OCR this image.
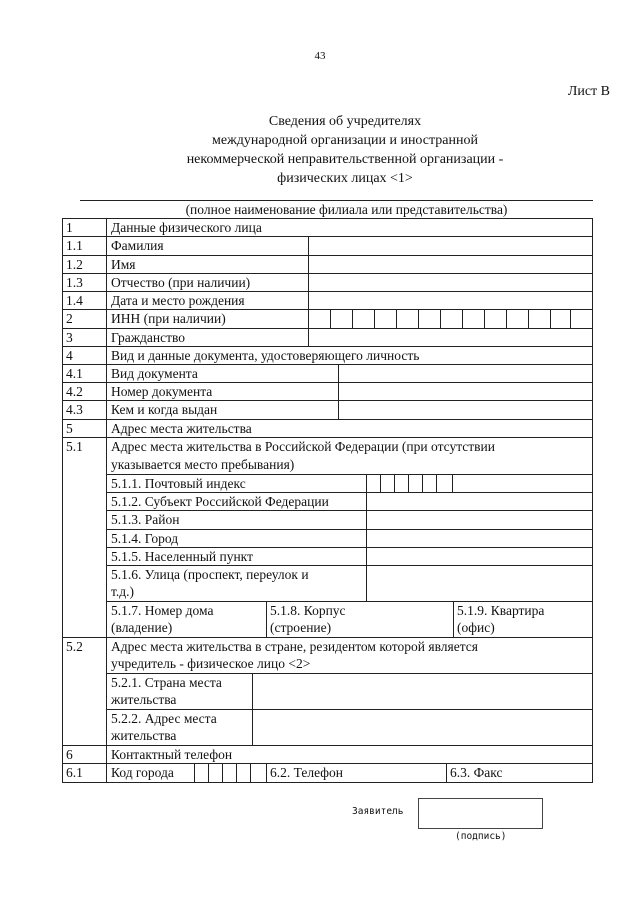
43
Лист В
Сведения об учредителях
международной организации и иностранной
некоммерческой неправительственной организации -
физических лицах <1>
(полное наименование филиала или представительства)
1
1.1
1.2
1.3
1.4
2
3
4
4.1
4.2
4.3
5
5.1
5.2
6
6.1
Данные физического лица
Фамилия
Имя
Отчество (при наличии)
Дата и место рождения
ИНН (при наличии)
Гражданство
Вид и данные документа, удостоверяющего личность
Вид документа
Номер документа
Кем и когда выдан
Адрес места жительства
Адрес места жительства в Российской Федерации (при отсутствии
указывается место пребывания)
5.1.1. Почтовый индекс
5.1.2. Субъект Российской Федерации
5.1.3. Район
5.1.4. Город
5.1.5. Населенный пункт
5.1.6. Улица (проспект, переулок и
т.д.)
5.1.7. Номер дома
(владение)
5.1.8. Корпус
(строение)
5.1.9. Квартира
(офис)
Адрес места жительства в стране, резидентом которой является
учредитель - физическое лицо <2>
5.2.1. Страна места
жительства
5.2.2. Адрес места
жительства
Контактный телефон
Код города	6.2. Телефон	6.3. Факс
Заявитель
(подпись)
